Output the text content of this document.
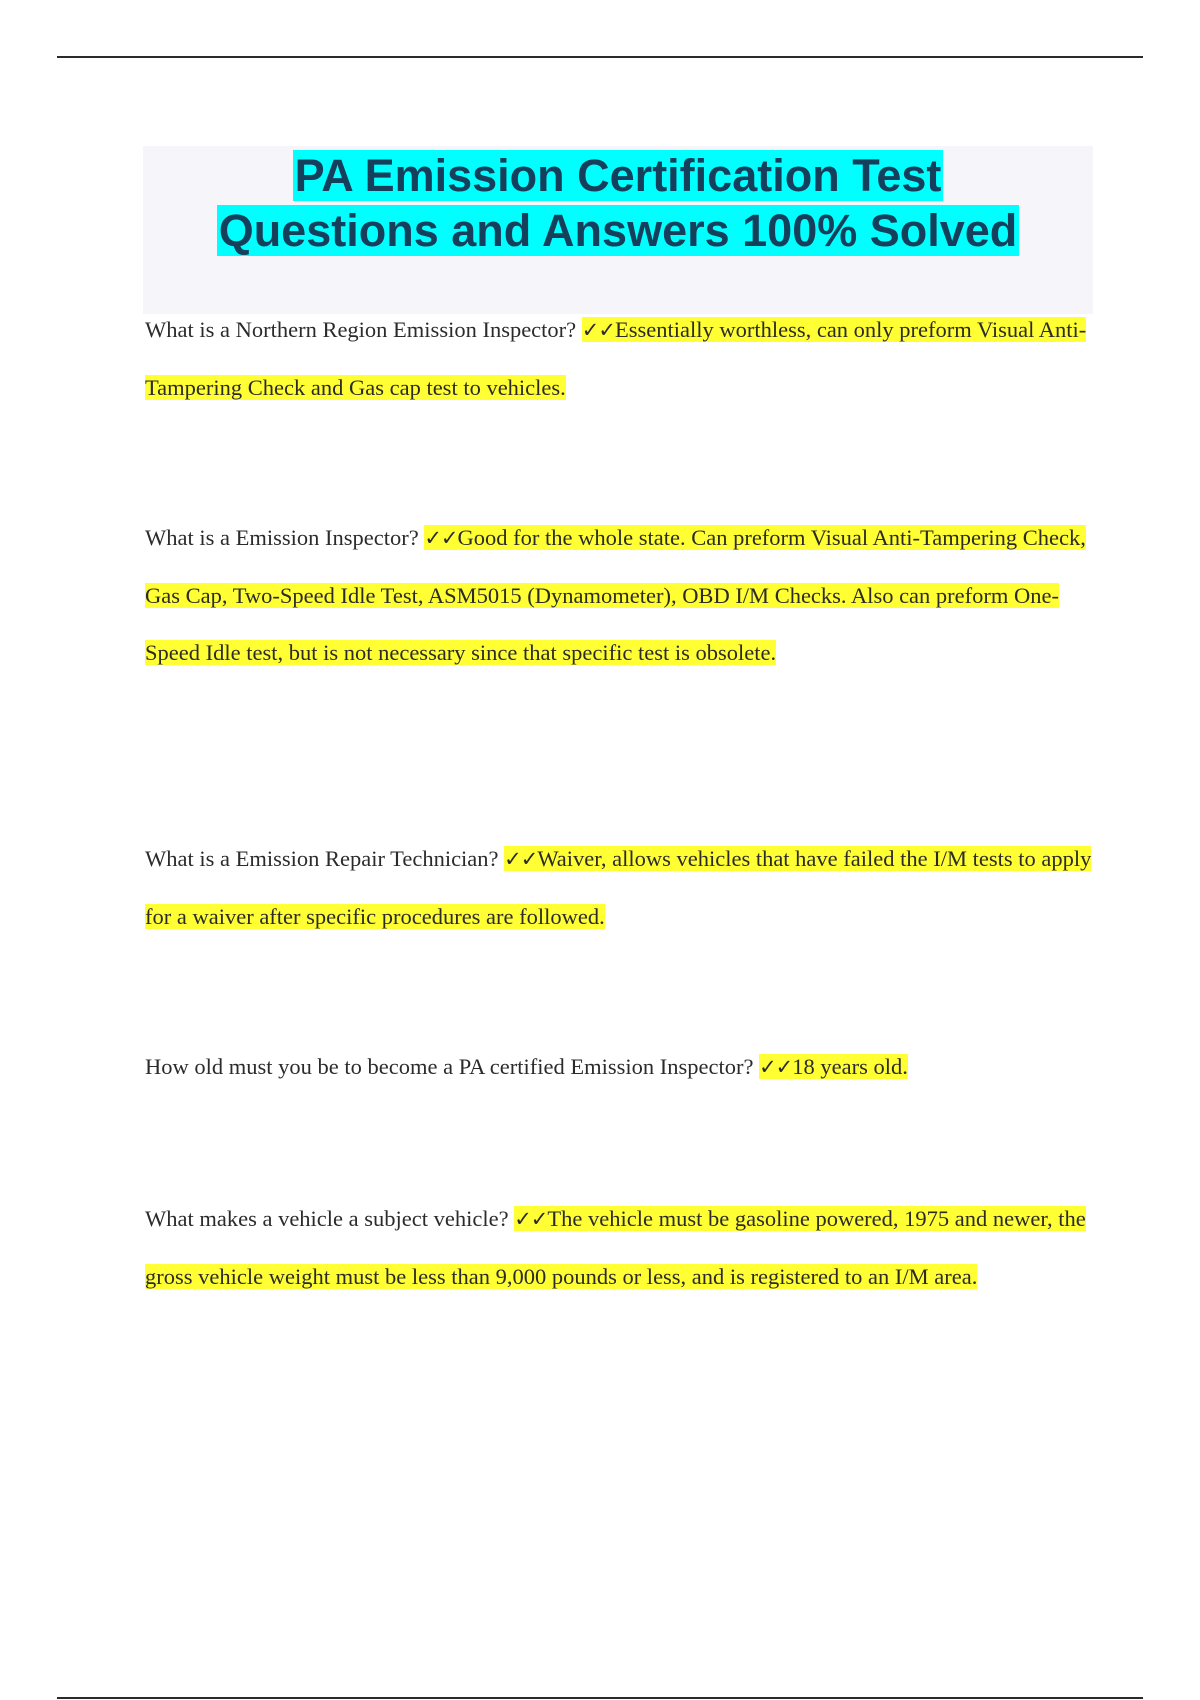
PA Emission Certification Test
Questions and Answers 100% Solved

What is a Northern Region Emission Inspector? ✓✓Essentially worthless, can only preform Visual Anti-Tampering Check and Gas cap test to vehicles.

What is a Emission Inspector? ✓✓Good for the whole state. Can preform Visual Anti-Tampering Check, Gas Cap, Two-Speed Idle Test, ASM5015 (Dynamometer), OBD I/M Checks. Also can preform One-Speed Idle test, but is not necessary since that specific test is obsolete.

What is a Emission Repair Technician? ✓✓Waiver, allows vehicles that have failed the I/M tests to apply for a waiver after specific procedures are followed.

How old must you be to become a PA certified Emission Inspector? ✓✓18 years old.

What makes a vehicle a subject vehicle? ✓✓The vehicle must be gasoline powered, 1975 and newer, the gross vehicle weight must be less than 9,000 pounds or less, and is registered to an I/M area.
